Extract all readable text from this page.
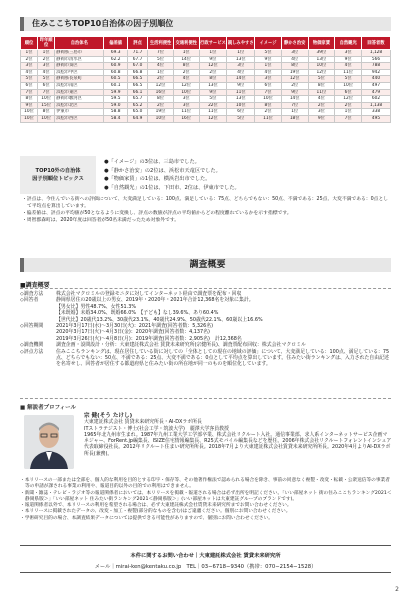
住みここちTOP10自治体の因子別順位
順位	昨年順位	自治体名	偏差値	評点	生活利便性	交通利便性	行政サービス	親しみやすさ	イメージ	静かさ治安	物価家賃	自然観光	回答者数
1位	1位	静岡県三島市	69.3	71.7	7位	1位	1位	1位	5位	3位	39位	3位	1,128
2位	2位	静岡市清水区	62.2	67.7	5位	14位	9位	13位	9位	4位	13位	9位	566
3位	3位	静岡市葵区	60.9	67.0	4位	8位	12位	3位	1位	8位	10位	4位	788
4位	4位	浜松市中区	60.8	66.8	1位	2位	2位	4位	4位	19位	12位	11位	942
5位	5位	静岡県長泉町	60.5	66.5	2位	4位	8位	14位	3位	12位	5位	5位	440
6位	6位	浜松市南区	60.1	66.5	12位	12位	13位	9位	6位	2位	8位	10位	497
7位	7位	浜松市東区	59.9	66.1	16位	10位	9位	11位	7位	9位	11位	6位	479
8位	10位	静岡市駿河区	59.5	65.7	8位	3位	5位	13位	10位	14位	4位	12位	602
9位	15位	浜松市北区	59.0	65.2	2位	3位	22位	10位	8位	7位	2位	2位	1,138
10位	8位	伊東市	58.8	65.0	19位	11位	11位	6位	2位	1位	3位	1位	338
10位	10位	浜松市西区	58.4	64.9	10位	16位	12位	5位	11位	18位	9位	7位	495
TOP10外の自治体
因子別順位トピックス
●「イメージ」の3位は、三島市でした。
●「静かさ治安」の2位は、浜松市天竜区でした。
●「物価家賃」の1位は、横浜岩出市でした。
●「自然観光」の1位は、下田市、2位は、伊東市でした。
・評点は、今住んでいる街への評価について、大変満足している：100点、満足している：75点、どちらでもない：50点、不満である：25点、大変不満である：0点として平均点を算出しています。
・偏差値は、評点の平均値が50となるように変換し、評点の数値が評点の平均値からどの程度離れているかを示す指標です。
・周智郡森町は、2020年度は回答者が50名未満だったため対象外です。
調査概要
■調査概要
◇調査方法	株式会社マクロミルの登録モニタに対してインターネット経由で調査票を配布・回収
◇回答者	静岡県居住の20歳以上の男女、2019年・2020年・2021年合計12,368名を対象に集計。
【男女比】男性48.7%、女性51.3%
【未既婚】未婚34.0%、既婚66.0%　【子ども】なし39.6%、あり60.4%
【世代比】20歳代13.2%、30歳代23.1%、40歳代24.9%、50歳代22.1%、60歳以上16.6%
◇回答期間	2021年3月17日(水)〜3月30日(火)：2021年調査(回答者数：5,326名)
2020年3月17日(火)〜4月3日(金)：2020年調査(回答者数：4,137名)
2019年3月26日(火)〜4月8日(月)：2019年調査(回答者数：2,905名)　計12,368名
◇調査機関	調査企画・設問設計・分析：大東建託株式会社 賃貸未来研究所(宗健所長)、調査票配布回収：株式会社マクロミル
◇評点方法	住みここちランキングは、現在居住している街に対しての「全体としての現在の地域の評価」について、大変満足している：100点、満足している：75点、どちらでもない：50点、不満である：25点、大変不満である：0点として平均点を算出しています。住みたい街ランキングは、入力された自由記述を名寄せし、回答者が居住する都道府県と住みたい街の所在地が同一のものを順位化しています。
■ 解説者プロフィール
宗 健(そう たけし)
大東建託株式会社 賃貸未来研究所長・AI-DXラボ所長
ITストラテジスト・博士(社会工学・筑波大学)　麗澤大学客員教授
1965年北九州市生まれ。1987年九州工業大学工学部卒業、株式会社リクルート入社。通信事業部、求人系インターネットサービス企画マネジャー、ForRent.jp編集長、ISIZE住宅情報編集長、R25式モバイル編集長などを歴任。2006年株式会社リクルートフォレントインシュア代表取締役社長。2012年リクルート住まい研究所所長。2018年7月より大東建託株式会社賃貸未来研究所所長。2020年4月よりAI-DXラボ所長(兼務)。
・本リリースの一部または全部を、個人的な利用を目的とする印字・保存等、その他著作権法で認められる場合を除き、事前の同意なく複製・改変・転載・公衆送信等の事業者等の申請が課される事業の利用や、報道目的以外の目的での利用はできません。
・新聞・雑誌・テレビ・ラジオ等の報道関係者においては、本リリースを掲載・報道される場合は必ず出所を明記ください。「いい部屋ネット 街の住みここちランキング2021＜静岡県版＞」「いい部屋ネット 住みたい街ランキング2021＜静岡県版＞」(いい部屋ネットは大東建託グループのブランドです)。
・報道関係者以外で、本リリースの利用を希望される場合は、必ず大東建託株式会社賃貸未来研究所までお問い合わせください。
・本リリースに掲載されたデータの、改変・加工・複製(部分的なものを含む)はご遠慮ください。個別にお問い合わせください。
・学術研究目的の場合、本調査結果データについては提供できる可能性がありますので、個別にお問い合わせください。
本件に関するお問い合わせ｜大東建託株式会社 賃貸未来研究所
メール｜mirai-ken@kentaku.co.jp　TEL｜03−6718−9340（携帯：070−2154−1528）
2
